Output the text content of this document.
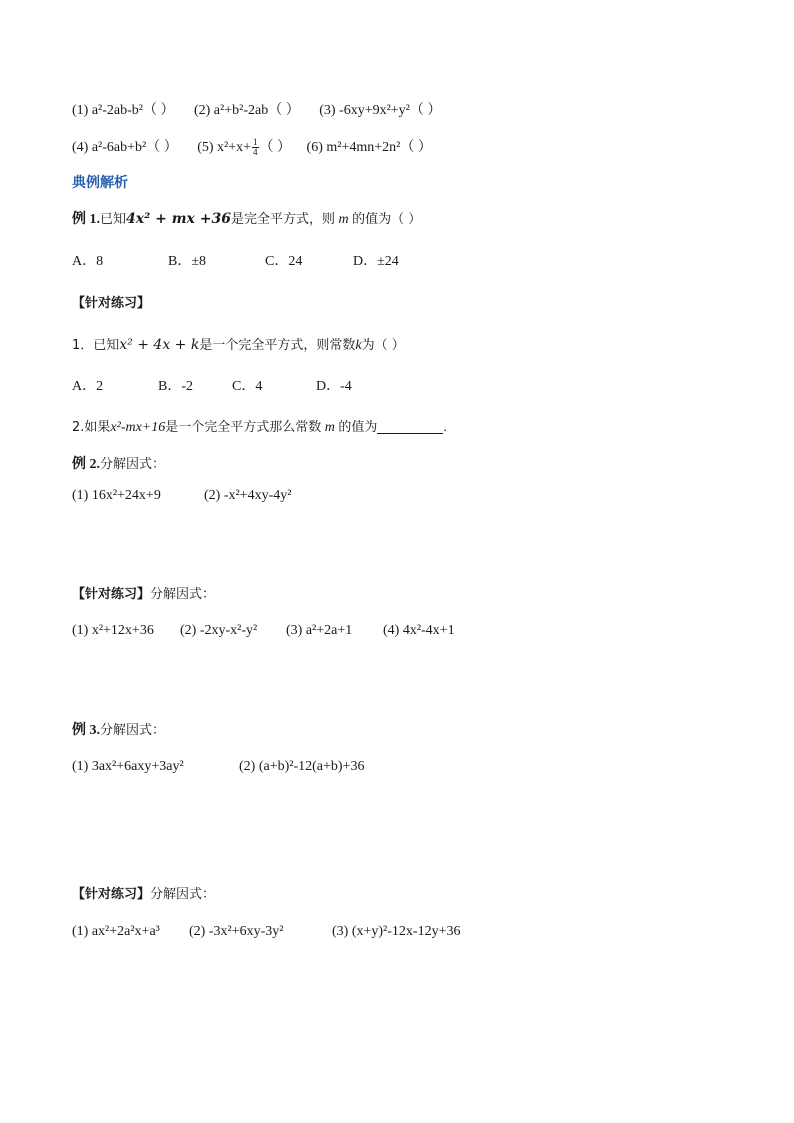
(1) a²-2ab-b²（ ） (2) a²+b²-2ab（ ） (3) -6xy+9x²+y²（ ）
(4) a²-6ab+b²（ ） (5) $x^2+x+ \frac{1}{4}$ （ ） (6) m²+4mn+2n²（ ）
典例解析
例 1.已知4x² + mx +36是完全平方式，则 m 的值为（ ）
A．8	B．±8	C．24	D．±24
【针对练习】
1．已知x² + 4x + k是一个完全平方式，则常数k为（ ）
A．2	B．-2	C．4	D．-4
2.如果x²-mx+16是一个完全平方式那么常数 m 的值为	.
例 2.分解因式：
(1) 16x²+24x+9	(2) -x²+4xy-4y²
【针对练习】分解因式：
(1) x²+12x+36 (2) -2xy-x²-y² (3) a²+2a+1 (4) 4x²-4x+1
例 3.分解因式：
(1) 3ax²+6axy+3ay²	(2) (a+b)²-12(a+b)+36
【针对练习】分解因式：
(1) ax²+2a²x+a³ (2) -3x²+6xy-3y²	(3) (x+y)²-12x-12y+36
